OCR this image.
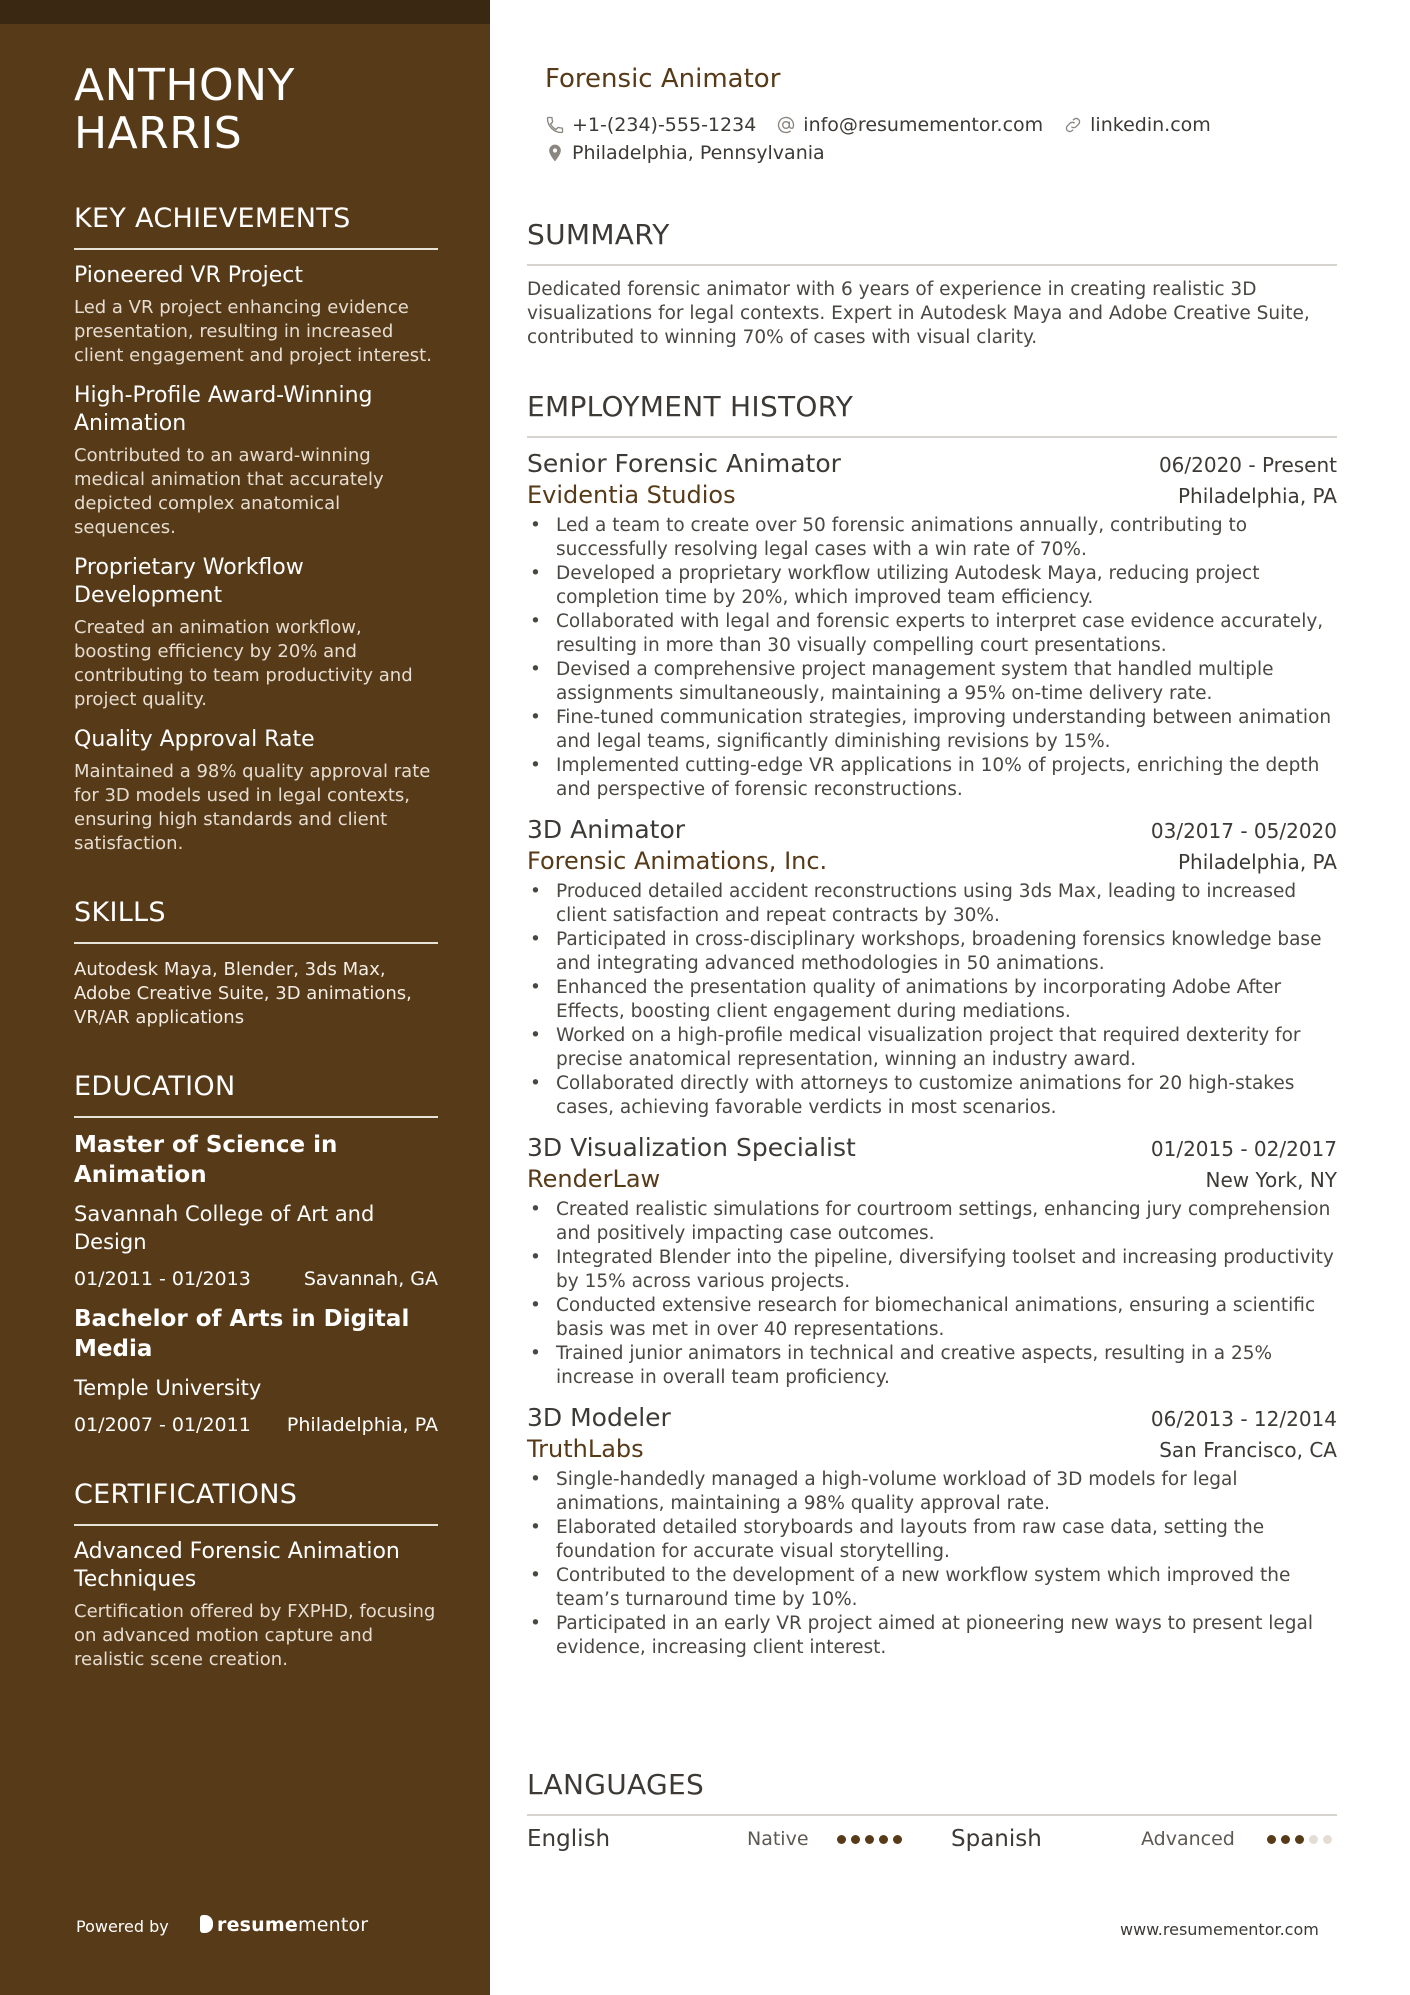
ANTHONY
HARRIS
KEY ACHIEVEMENTS
Pioneered VR Project
Led a VR project enhancing evidence presentation, resulting in increased client engagement and project interest.
High-Profile Award-Winning Animation
Contributed to an award-winning medical animation that accurately depicted complex anatomical sequences.
Proprietary Workflow Development
Created an animation workflow, boosting efficiency by 20% and contributing to team productivity and project quality.
Quality Approval Rate
Maintained a 98% quality approval rate for 3D models used in legal contexts, ensuring high standards and client satisfaction.
SKILLS
Autodesk Maya, Blender, 3ds Max, Adobe Creative Suite, 3D animations, VR/AR applications
EDUCATION
Master of Science in Animation
Savannah College of Art and Design
01/2011 - 01/2013	Savannah, GA
Bachelor of Arts in Digital Media
Temple University
01/2007 - 01/2011 Philadelphia, PA
CERTIFICATIONS
Advanced Forensic Animation Techniques
Certification offered by FXPHD, focusing on advanced motion capture and realistic scene creation.
Powered by	resumementor
Forensic Animator
+1-(234)-555-1234 info@resumementor.com linkedin.com
Philadelphia, Pennsylvania
SUMMARY
Dedicated forensic animator with 6 years of experience in creating realistic 3D visualizations for legal contexts. Expert in Autodesk Maya and Adobe Creative Suite, contributed to winning 70% of cases with visual clarity.
EMPLOYMENT HISTORY
Senior Forensic Animator	06/2020 - Present
Evidentia Studios	Philadelphia, PA
• Led a team to create over 50 forensic animations annually, contributing to successfully resolving legal cases with a win rate of 70%.
• Developed a proprietary workflow utilizing Autodesk Maya, reducing project completion time by 20%, which improved team efficiency.
• Collaborated with legal and forensic experts to interpret case evidence accurately, resulting in more than 30 visually compelling court presentations.
• Devised a comprehensive project management system that handled multiple assignments simultaneously, maintaining a 95% on-time delivery rate.
• Fine-tuned communication strategies, improving understanding between animation and legal teams, significantly diminishing revisions by 15%.
• Implemented cutting-edge VR applications in 10% of projects, enriching the depth and perspective of forensic reconstructions.
3D Animator	03/2017 - 05/2020
Forensic Animations, Inc.	Philadelphia, PA
• Produced detailed accident reconstructions using 3ds Max, leading to increased client satisfaction and repeat contracts by 30%.
• Participated in cross-disciplinary workshops, broadening forensics knowledge base and integrating advanced methodologies in 50 animations.
• Enhanced the presentation quality of animations by incorporating Adobe After Effects, boosting client engagement during mediations.
• Worked on a high-profile medical visualization project that required dexterity for precise anatomical representation, winning an industry award.
• Collaborated directly with attorneys to customize animations for 20 high-stakes cases, achieving favorable verdicts in most scenarios.
3D Visualization Specialist	01/2015 - 02/2017
RenderLaw	New York, NY
• Created realistic simulations for courtroom settings, enhancing jury comprehension and positively impacting case outcomes.
• Integrated Blender into the pipeline, diversifying toolset and increasing productivity by 15% across various projects.
• Conducted extensive research for biomechanical animations, ensuring a scientific basis was met in over 40 representations.
• Trained junior animators in technical and creative aspects, resulting in a 25% increase in overall team proficiency.
3D Modeler	06/2013 - 12/2014
TruthLabs	San Francisco, CA
• Single-handedly managed a high-volume workload of 3D models for legal animations, maintaining a 98% quality approval rate.
• Elaborated detailed storyboards and layouts from raw case data, setting the foundation for accurate visual storytelling.
• Contributed to the development of a new workflow system which improved the team’s turnaround time by 10%.
• Participated in an early VR project aimed at pioneering new ways to present legal evidence, increasing client interest.
LANGUAGES
English	Native	Spanish	Advanced
www.resumementor.com
